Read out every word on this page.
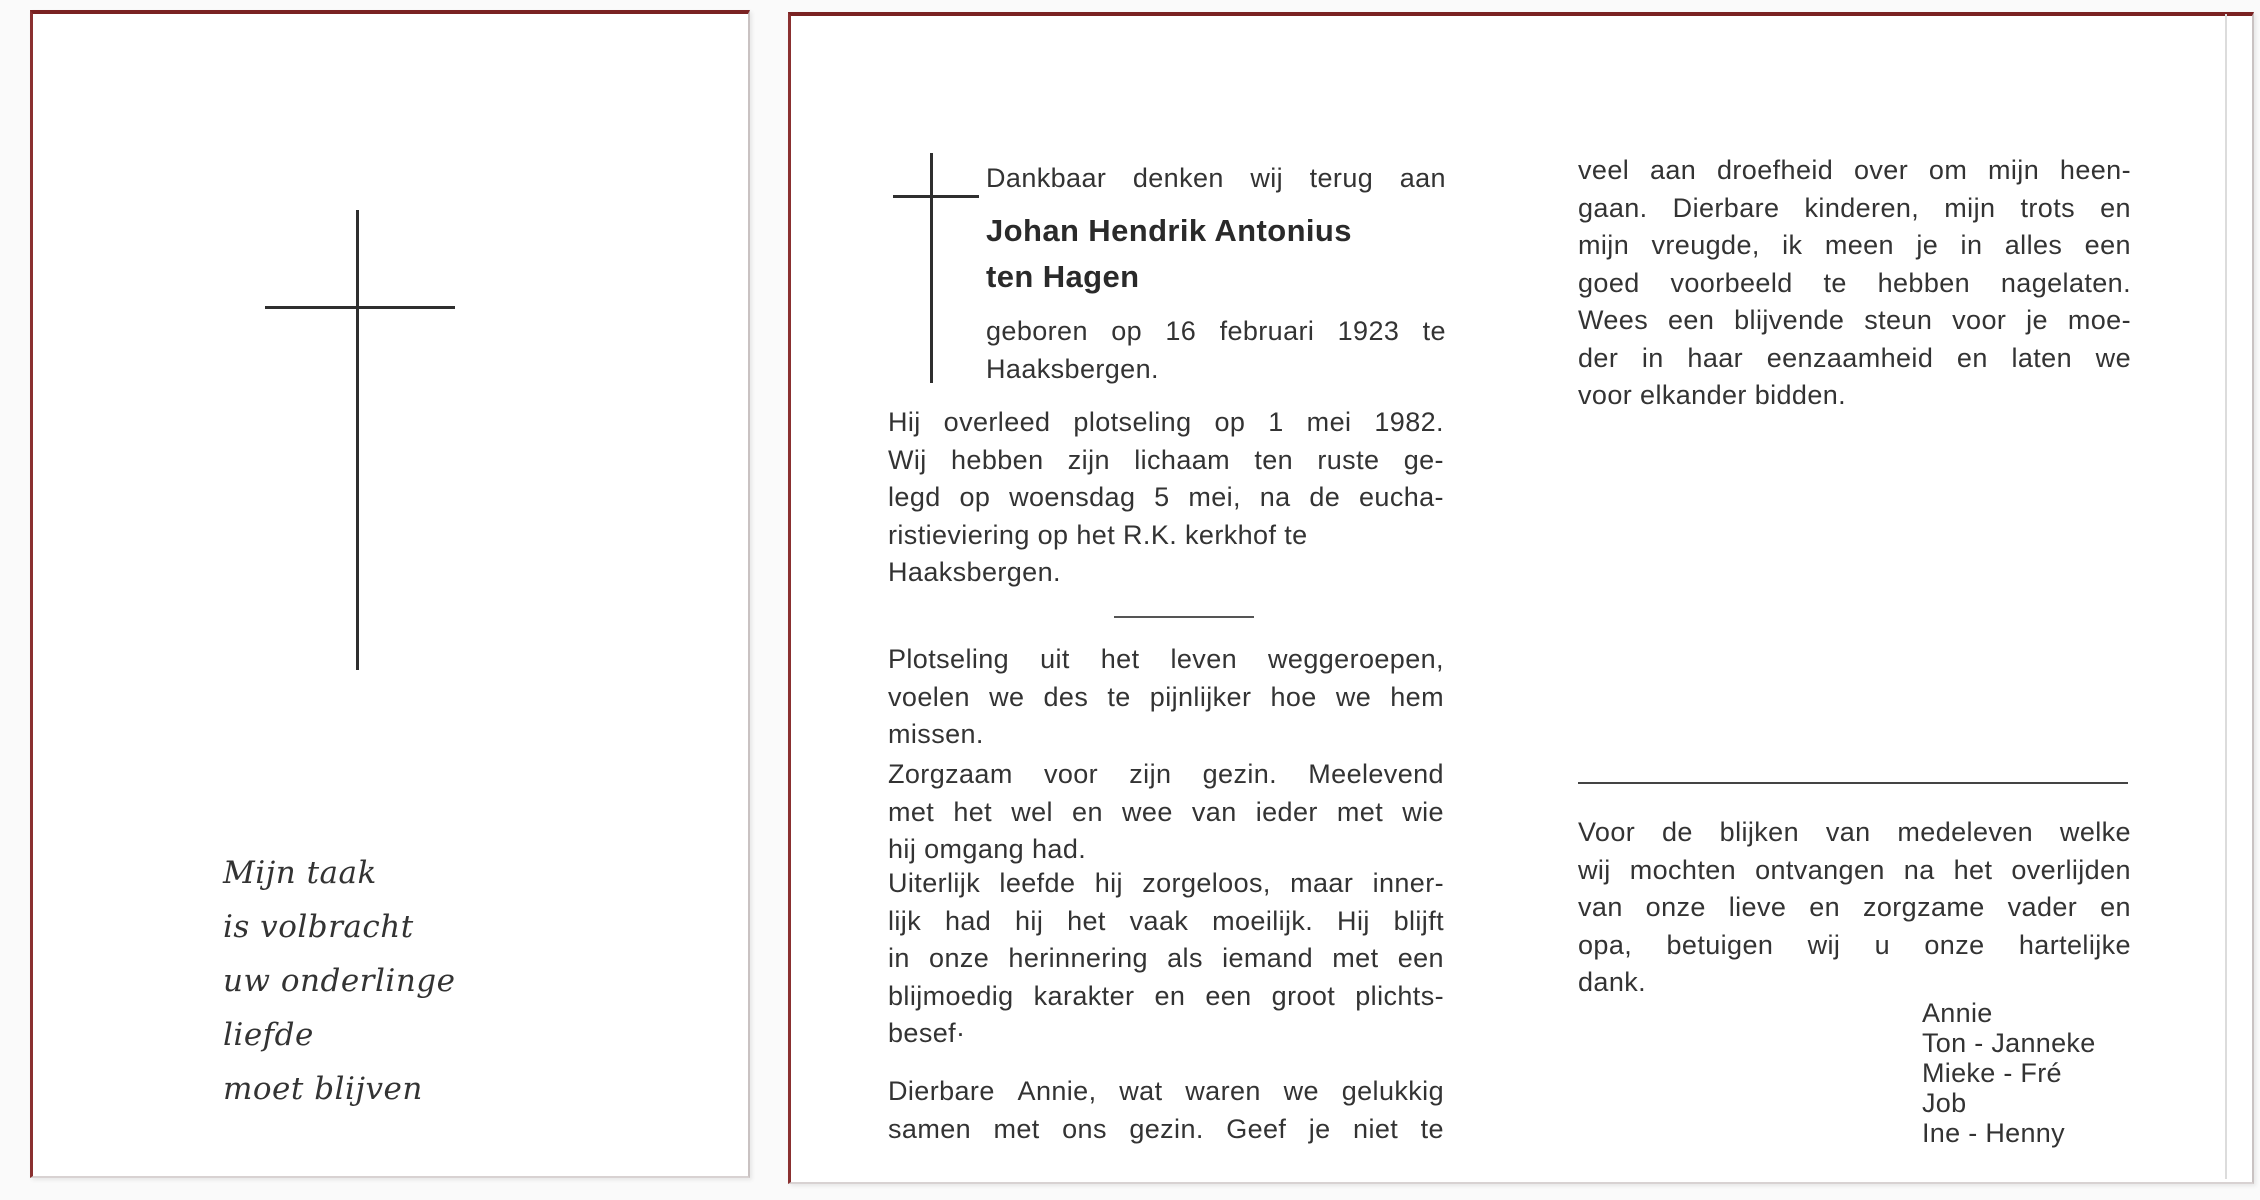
Mijn taak
is volbracht
uw onderlinge
liefde
moet blijven
Dankbaar denken wij terug aan
Johan Hendrik Antonius
ten Hagen
geboren op 16 februari 1923 te
Haaksbergen.
Hij overleed plotseling op 1 mei 1982.
Wij hebben zijn lichaam ten ruste ge-
legd op woensdag 5 mei, na de eucha-
ristieviering op het R.K. kerkhof te
Haaksbergen.
Plotseling uit het leven weggeroepen,
voelen we des te pijnlijker hoe we hem
missen.
Zorgzaam voor zijn gezin. Meelevend
met het wel en wee van ieder met wie
hij omgang had.
Uiterlijk leefde hij zorgeloos, maar inner-
lijk had hij het vaak moeilijk. Hij blijft
in onze herinnering als iemand met een
blijmoedig karakter en een groot plichts-
besef·
Dierbare Annie, wat waren we gelukkig
samen met ons gezin. Geef je niet te
veel aan droefheid over om mijn heen-
gaan. Dierbare kinderen, mijn trots en
mijn vreugde, ik meen je in alles een
goed voorbeeld te hebben nagelaten.
Wees een blijvende steun voor je moe-
der in haar eenzaamheid en laten we
voor elkander bidden.
Voor de blijken van medeleven welke
wij mochten ontvangen na het overlijden
van onze lieve en zorgzame vader en
opa, betuigen wij u onze hartelijke
dank.
Annie
Ton - Janneke
Mieke - Fré
Job
Ine - Henny
